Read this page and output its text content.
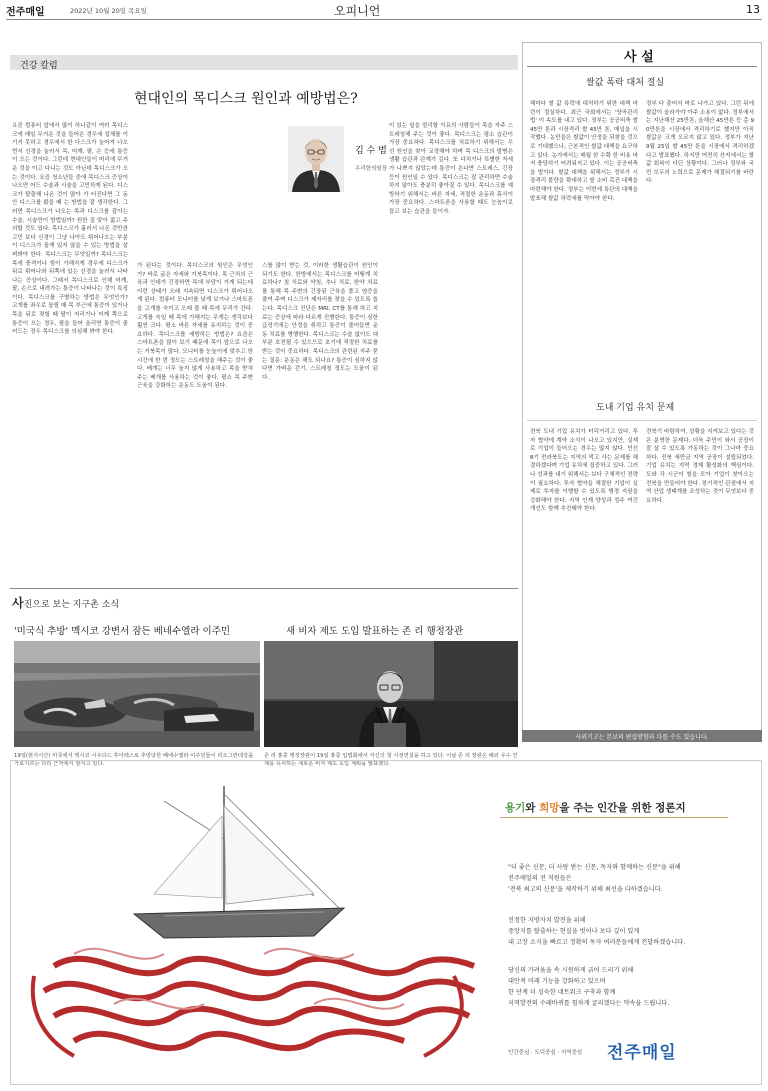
전주매일	2022년 10월 20일 목요일	오피니언	13
건강 칼럼
현대인의 목디스크 원인과 예방법은?
김 수 범
우리한의원장
요즘 컴퓨터 앞에서 많이 하나같이 여러 목디스크에 매일 무거운 것을 들어온 경우에 업체를 이기지 못하고 경우에서 한 다스크가 늘어져 나오면서 신경을 눌러서 목, 어깨, 팔, 손 등에 통증이 오는 것이다. 그런데 현대인들이 머리에 무거운 것을 이고 다니는 것도 아닌데 목디스크가 오는 것이다. 요즘 청소년들 중에 목디스크 증상이 나오면 어드 수술과 시술을 고민하게 된다. 디스크가 탈출해 나온 것이 많아 가 터진다면 그 동안 디스크를 봤을 때 는 방법을 잘 생각한다. 그러면 목디스크가 나오는 목과 디스크를 잡아는 수술, 시술만이 방법일까? 원한 질 맞아 젊고 주의할 것도 있다. 목디스크가 흘러서 나온 것만큼 고민 보다 신경이 그냥 나아도 튀어나오는 부분이 디스크가 돌게 있지 않을 수 있는 방법을 살펴봐야 한다. 목디스크는 무엇일까? 목디스크는 목에 충격이나 힘이 가해지게 경우에 디스크가 뒤로 튀어나와 뒤쪽에 있는 신경을 눌러서 나타나는 증상이다. 그래서 목디스크로 인해 어깨, 팔, 손으로 내려가는 통증이 나타나는 것이 특징이다. 목디스크를 구별하는 방법은 무엇인가? 고개를 좌우로 돌릴 때 목 부근에 통증이 있거나 목을 뒤로 젖힐 때 팔이 저리거나 어깨 쪽으로 통증이 오는 경우, 팔을 들어 올리면 통증이 줄어드는 경우 목디스크를 의심해 봐야 한다.
가 된다는 것이다. 목디스크의 원인은 무엇인가? 바로 굽은 자세와 거북목이다. 목 근처의 근육과 인대가 긴장하면 목에 부담이 가게 되는데 이런 상태가 오래 지속되면 디스크가 튀어나오게 된다. 컴퓨터 모니터를 낮게 보거나 스마트폰을 고개를 숙이고 오래 볼 때 목에 무리가 간다. 고개를 숙일 때 목에 가해지는 무게는 생각보다 훨씬 크다. 평소 바른 자세를 유지하는 것이 중요하다. 목디스크를 예방하는 방법은? 요즘은 스마트폰을 많이 보기 때문에 목이 앞으로 나오는 거북목이 많다. 모니터를 눈높이에 맞추고 한 시간에 한 번 정도는 스트레칭을 해주는 것이 좋다. 베개는 너무 높지 않게 사용하고 목을 받쳐 주는 베개를 사용하는 것이 좋다. 평소 목 주변 근육을 강화하는 운동도 도움이 된다.
스를 많이 받는 것, 이러한 생활습관이 원인이 되기도 한다. 한방에서는 목디스크를 어떻게 치료하나? 침 치료와 약침, 추나 치료, 한약 치료를 통해 목 주변의 긴장된 근육을 풀고 염증을 줄여 주며 디스크가 제자리를 찾을 수 있도록 돕는다. 목디스크 진단은 MRI, CT를 통해 하고 치료는 증상에 따라 다르게 진행한다. 통증이 심한 급성기에는 안정을 취하고 통증이 줄어들면 운동 치료를 병행한다. 목디스크는 수술 없이도 대부분 호전될 수 있으므로 초기에 적절한 치료를 받는 것이 중요하다. 목디스크의 관련된 자주 묻는 질문: 운동은 해도 되나요? 통증이 심하지 않다면 가벼운 걷기, 스트레칭 정도는 도움이 된다.
이 있는 일을 멀리할 이유의 사람들이 목을 자주 스트레칭해 주는 것이 좋다. 목디스크는 평소 습관이 가장 중요하다. 목디스크를 치료하기 위해서는 우선 원인을 찾아 교정해야 하며 목 디스크의 발병은 생활 습관과 관계가 깊다. 또 다치거나 특별한 자세가 나쁘지 않았는데 통증이 온다면 스트레스, 긴장 등이 원인일 수 있다. 목디스크는 잘 관리하면 수술하지 않아도 충분히 좋아질 수 있다. 목디스크를 예방하기 위해서는 바른 자세, 적절한 운동과 휴식이 가장 중요하다. 스마트폰을 사용할 때도 눈높이로 들고 보는 습관을 들이자.
사진으로 보는 지구촌 소식
'미국식 추방' 멕시코 강변서 잠든 베네수엘라 이주민	새 비자 제도 도입 발표하는 존 리 행정장관
19일(현지시간) 미국에서 멕시코 시우다드 후아레스로 추방당한 베네수엘라 이주민들이 리오그란데강을 가로지르는 다리 근처에서 잠자고 있다.
존 리 홍콩 행정장관이 19일 홍콩 입법회에서 자신의 첫 시정연설을 하고 있다. 이날 존 리 장관은 해외 우수 인재를 유치하는 새로운 비자 제도 도입 계획을 발표했다.
사 설
쌀값 폭락 대처 절실
해마다 쌀 값 폭락에 대처하기 위한 대책 마련이 절실하다. 최근 국회에서는 '양곡관리법' 이 속도를 내고 있다. 정부는 공공비축 쌀 45만 톤과 시장격리 쌀 45만 톤, 매입을 시작했다. 농민들은 쌀값이 안정을 되찾을 것으로 기대했으나, 근본적인 쌀값 대책을 요구하고 있다. 농가에서는 매월 한 수확 한 비용 마저 충당하기 어려워지고 있다. 이는 공공비축을 벌이다. 쌀값 대책을 위해서는 정부가 시장격리 물량을 확대하고 쌀 소비 촉진 대책을 마련해야 한다. 정부는 이번에 특단의 대책을 발표해 쌀값 하락세를 막아야 한다.
정부 다 출어서 바로 나가고 있다. 그런 뒤에 쌀값이 올라가야 아주 소용이 없다. 정부에서는 지난해산 25만톤, 올해산 45만톤 등 총 90만톤을 시장에서 격리하기로 했지만 아직 쌀값은 크게 오르지 않고 있다. 정부가 지난 9월 25일 쌀 45만 톤을 시장에서 격리하겠다고 발표했다. 하지만 여전히 산지에서는 쌀값 회복이 더딘 상황이다. 그러나 정부와 국민 모두의 노력으로 문제가 해결되기를 바란다.
도내 기업 유치 문제
전북 도내 기업 유치가 터덕거리고 있다. 투자 협약에 계약 소식이 나오고 있지만, 실제로 기업이 들어오는 경우는 많지 않다. 민선 8기 전라북도는 지역의 먹고 사는 문제를 해결하겠다며 기업 유치에 집중하고 있다. 그러나 성과를 내기 위해서는 보다 구체적인 전략이 필요하다. 투자 협약을 체결한 기업이 실제로 투자를 이행할 수 있도록 행정 지원을 강화해야 한다. 지역 인재 양성과 정주 여건 개선도 함께 추진돼야 한다.
전북기 바탕하여, 상황을 지켜보고 있다는 것은 분명한 문제다. 더욱 주민이 와서 공장이 잘 살 수 있도록 가동하는 것이 그나마 중요하다. 전북 새만금 지역 공장이 설립되었다. 기업 유치는 지역 경제 활성화의 핵심이다. 도와 각 시군이 힘을 모아 기업이 찾아오는 전북을 만들어야 한다. 장기적인 관점에서 지역 산업 생태계를 조성하는 것이 무엇보다 중요하다.
사외기고는 본보의 편집방향과 다를 수도 있습니다.
용기와 희망을 주는 인간을 위한 정론지
"더 좋은 신문, 더 사랑 받는 신문, 독자와 함께하는 신문"을 위해
전주매일의 전 직원들은
'전북 최고의 신문'을 제작하기 위해 최선을 다하겠습니다.
진정한 지방자치 발전을 위해
중앙지를 탈출하는 현실을 벗어나 보다 깊이 있게
내 고장 소식을 빠르고 정확히 독자 여러분들에게 전달하겠습니다.
당신의 가려움을 속 시원하게 긁어 드리기 위해
대안적 미래 기능을 강화하고 있으며
한 단계 더 성숙한 네트워크 구축과 함께
지역발전의 수레바퀴를 힘차게 굴리겠다는 약속을 드립니다.
인간중심 · 도덕중심 · 지역중심 전주매일
